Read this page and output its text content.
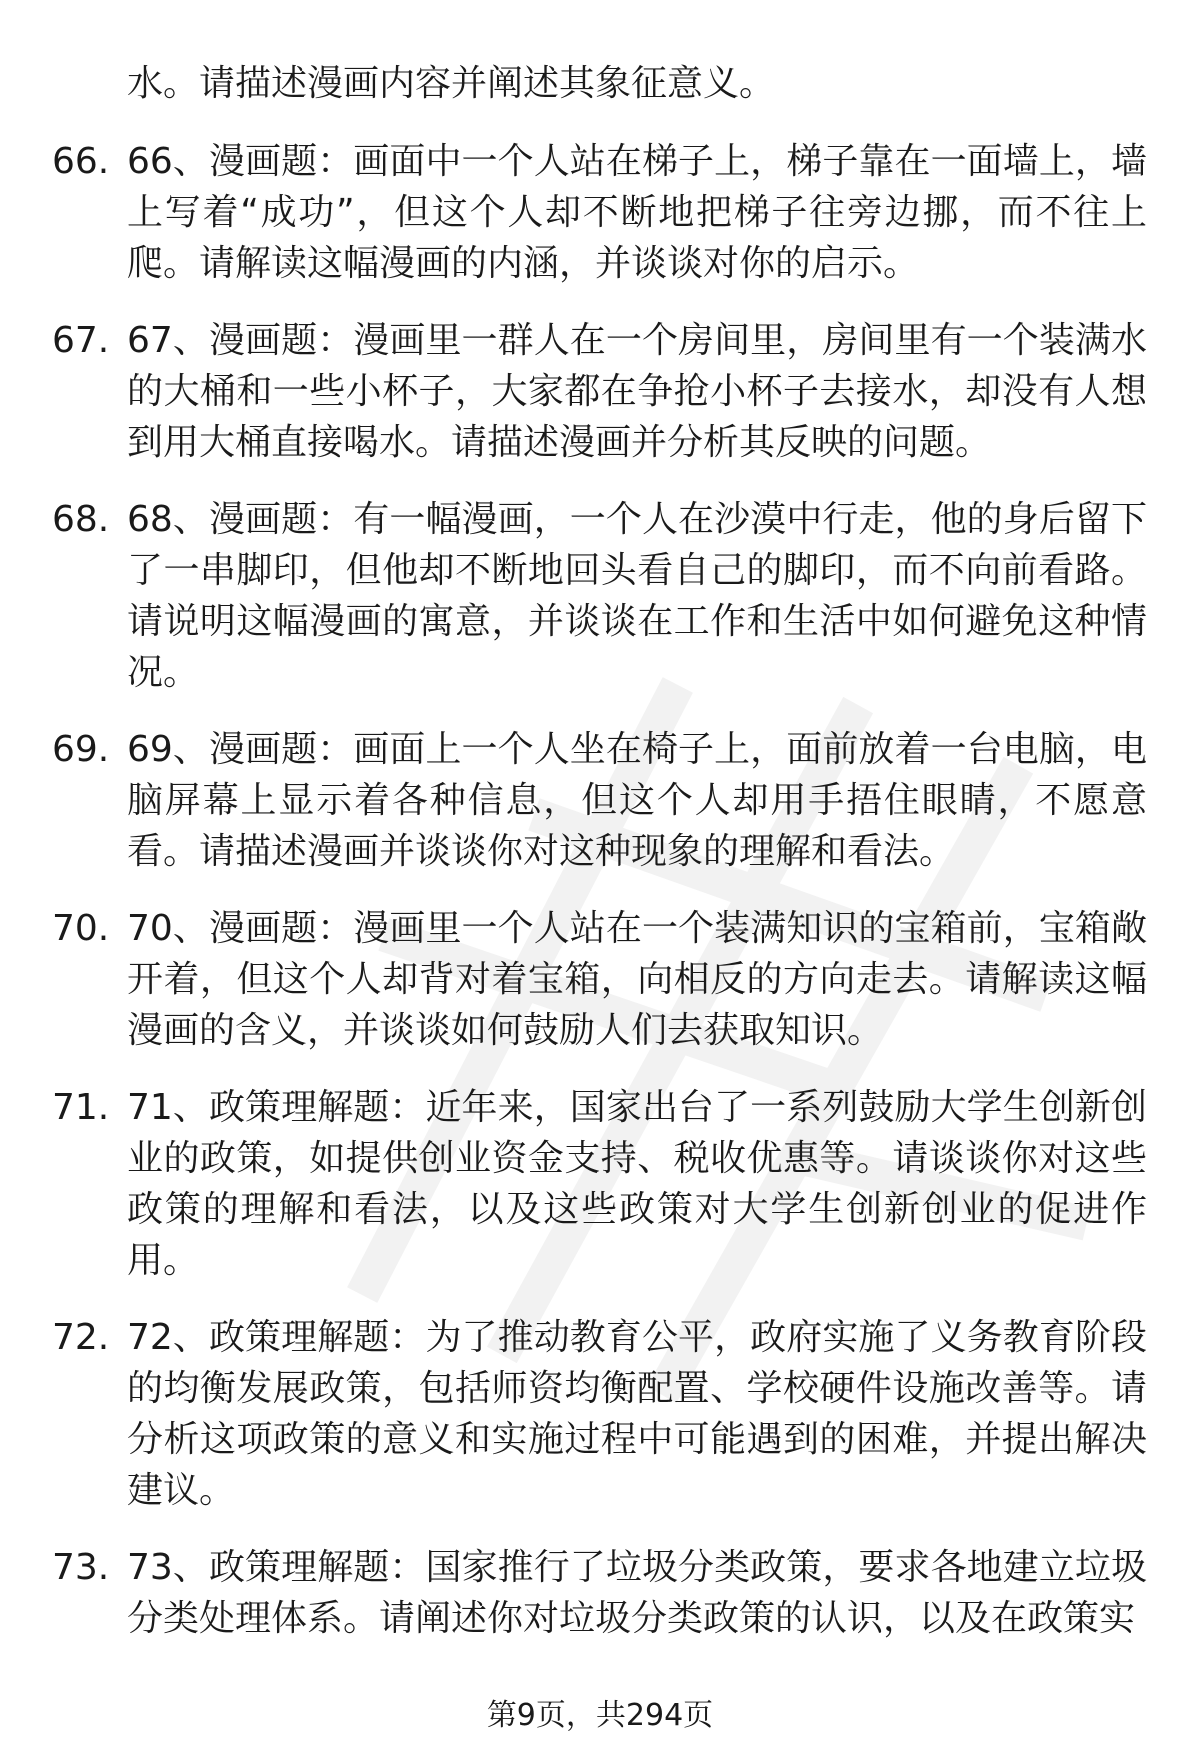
水。请描述漫画内容并阐述其象征意义。
66. 66、漫画题：画面中一个人站在梯子上，梯子靠在一面墙上，墙上写着“成功”，但这个人却不断地把梯子往旁边挪，而不往上爬。请解读这幅漫画的内涵，并谈谈对你的启示。
67. 67、漫画题：漫画里一群人在一个房间里，房间里有一个装满水的大桶和一些小杯子，大家都在争抢小杯子去接水，却没有人想到用大桶直接喝水。请描述漫画并分析其反映的问题。
68. 68、漫画题：有一幅漫画，一个人在沙漠中行走，他的身后留下了一串脚印，但他却不断地回头看自己的脚印，而不向前看路。请说明这幅漫画的寓意，并谈谈在工作和生活中如何避免这种情况。
69. 69、漫画题：画面上一个人坐在椅子上，面前放着一台电脑，电脑屏幕上显示着各种信息，但这个人却用手捂住眼睛，不愿意看。请描述漫画并谈谈你对这种现象的理解和看法。
70. 70、漫画题：漫画里一个人站在一个装满知识的宝箱前，宝箱敞开着，但这个人却背对着宝箱，向相反的方向走去。请解读这幅漫画的含义，并谈谈如何鼓励人们去获取知识。
71. 71、政策理解题：近年来，国家出台了一系列鼓励大学生创新创业的政策，如提供创业资金支持、税收优惠等。请谈谈你对这些政策的理解和看法，以及这些政策对大学生创新创业的促进作用。
72. 72、政策理解题：为了推动教育公平，政府实施了义务教育阶段的均衡发展政策，包括师资均衡配置、学校硬件设施改善等。请分析这项政策的意义和实施过程中可能遇到的困难，并提出解决建议。
73. 73、政策理解题：国家推行了垃圾分类政策，要求各地建立垃圾分类处理体系。请阐述你对垃圾分类政策的认识，以及在政策实
第9页，共294页
